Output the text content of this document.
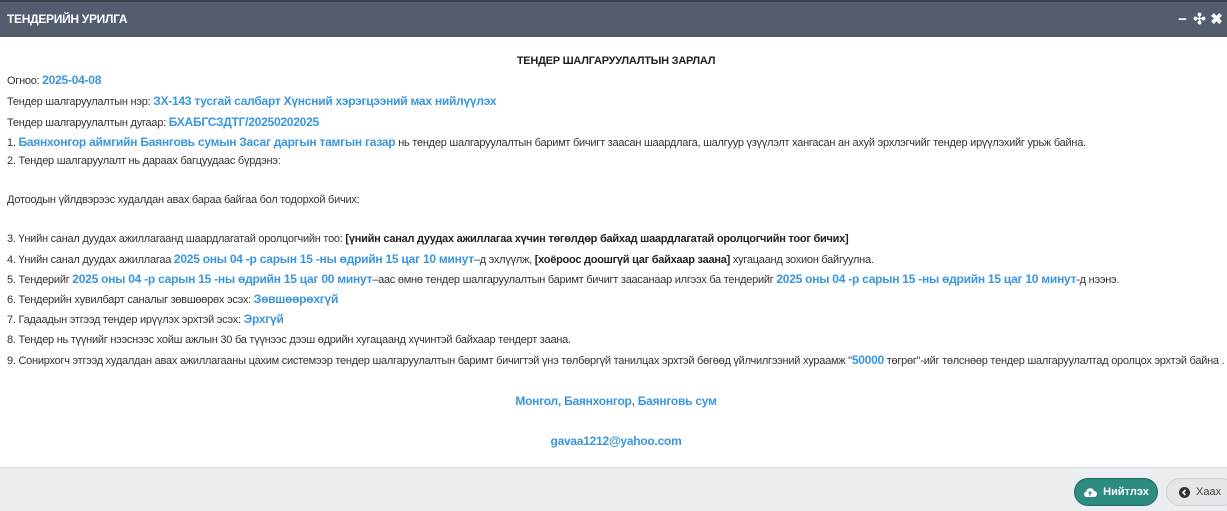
ТЕНДЕРИЙН УРИЛГА	− ✣ ✖
ТЕНДЕР ШАЛГАРУУЛАЛТЫН ЗАРЛАЛ
Огноо: 2025-04-08
Тендер шалгаруулалтын нэр: ЗХ-143 тусгай салбарт Хүнсний хэрэгцээний мах нийлүүлэх
Тендер шалгаруулалтын дугаар: БХАБГСЗДТГ/20250202025
1. Баянхонгор аймгийн Баянговь сумын Засаг даргын тамгын газар нь тендер шалгаруулалтын баримт бичигт заасан шаардлага, шалгуур үзүүлэлт хангасан ан ахуй эрхлэгчийг тендер ирүүлэхийг урьж байна.
2. Тендер шалгаруулалт нь дараах багцуудаас бүрдэнэ:
Дотоодын үйлдвэрээс худалдан авах бараа байгаа бол тодорхой бичих:
3. Үнийн санал дуудах ажиллагаанд шаардлагатай оролцогчийн тоо: [үнийн санал дуудах ажиллагаа хүчин төгөлдөр байхад шаардлагатай оролцогчийн тоог бичих]
4. Үнийн санал дуудах ажиллагаа 2025 оны 04 -р сарын 15 -ны өдрийн 15 цаг 10 минут–д эхлүүлж, [хоёроос доошгүй цаг байхаар заана] хугацаанд зохион байгуулна.
5. Тендерийг 2025 оны 04 -р сарын 15 -ны өдрийн 15 цаг 00 минут–аас өмнө тендер шалгаруулалтын баримт бичигт заасанаар илгээх ба тендерийг 2025 оны 04 -р сарын 15 -ны өдрийн 15 цаг 10 минут-д нээнэ.
6. Тендерийн хувилбарт саналыг зөвшөөрөх эсэх: Зөвшөөрөхгүй
7. Гадаадын этгээд тендер ирүүлэх эрхтэй эсэх: Эрхгүй
8. Тендер нь түүнийг нээснээс хойш ажлын 30 ба түүнээс дээш өдрийн хугацаанд хүчинтэй байхаар тендерт заана.
9. Сонирхогч этгээд худалдан авах ажиллагааны цахим системээр тендер шалгаруулалтын баримт бичигтэй үнэ төлбөргүй танилцах эрхтэй бөгөөд үйлчилгээний хураамж "50000 төгрөг"-ийг төлснөөр тендер шалгаруулалтад оролцох эрхтэй байна .
Монгол, Баянхонгор, Баянговь сум
gavaa1212@yahoo.com
Нийтлэх	Хаах
